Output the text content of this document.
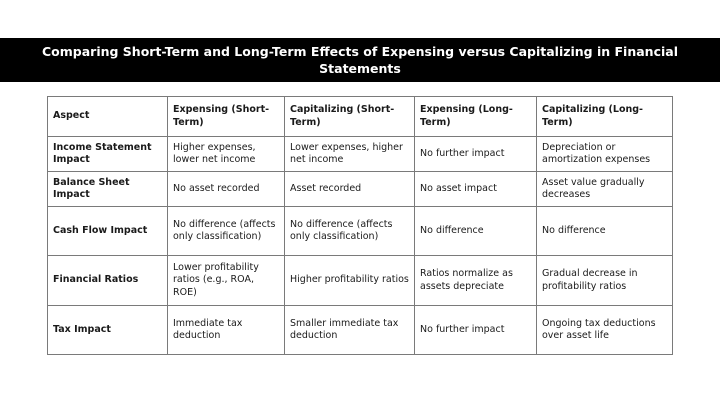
Comparing Short-Term and Long-Term Effects of Expensing versus Capitalizing in Financial Statements
Aspect	Expensing (Short-Term)	Capitalizing (Short-Term)	Expensing (Long-Term)	Capitalizing (Long-Term)
Income Statement Impact	Higher expenses, lower net income	Lower expenses, higher net income	No further impact	Depreciation or amortization expenses
Balance Sheet Impact	No asset recorded	Asset recorded	No asset impact	Asset value gradually decreases
Cash Flow Impact	No difference (affects only classification)	No difference (affects only classification)	No difference	No difference
Financial Ratios	Lower profitability ratios (e.g., ROA, ROE)	Higher profitability ratios	Ratios normalize as assets depreciate	Gradual decrease in profitability ratios
Tax Impact	Immediate tax deduction	Smaller immediate tax deduction	No further impact	Ongoing tax deductions over asset life
